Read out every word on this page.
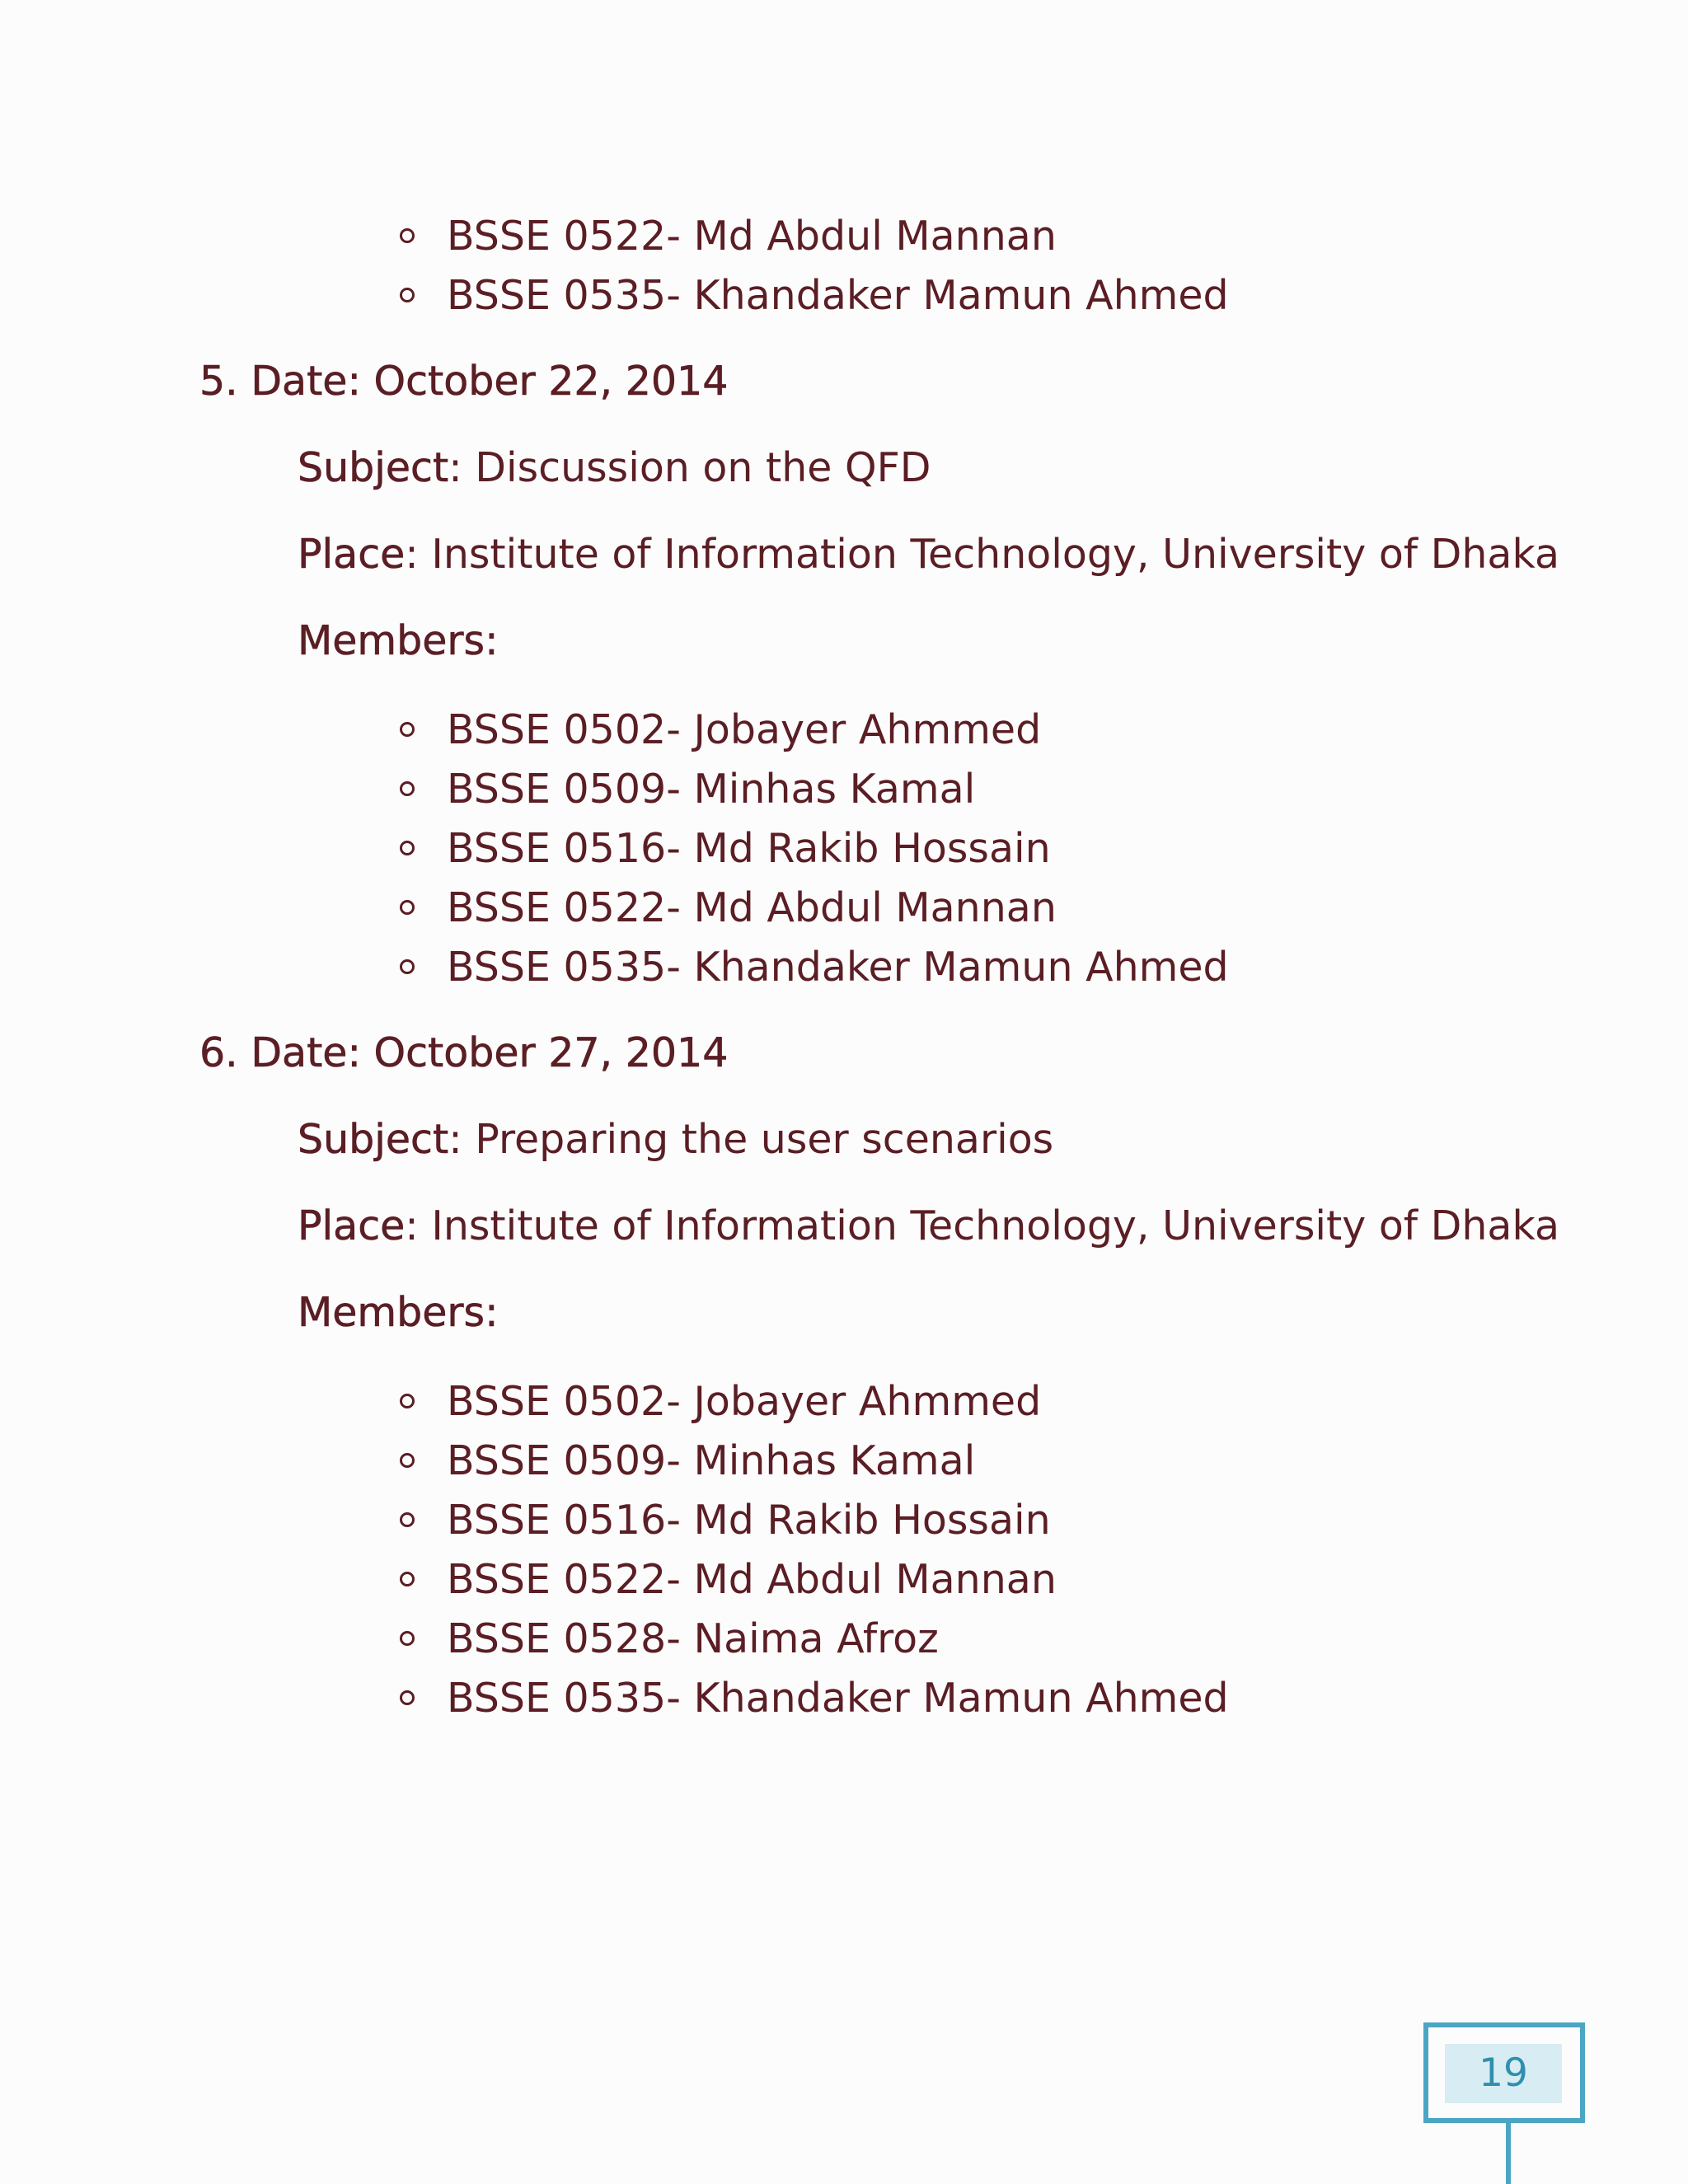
BSSE 0522- Md Abdul Mannan
BSSE 0535- Khandaker Mamun Ahmed
5. Date: October 22, 2014
Subject: Discussion on the QFD
Place: Institute of Information Technology, University of Dhaka
Members:
BSSE 0502- Jobayer Ahmmed
BSSE 0509- Minhas Kamal
BSSE 0516- Md Rakib Hossain
BSSE 0522- Md Abdul Mannan
BSSE 0535- Khandaker Mamun Ahmed
6. Date: October 27, 2014
Subject: Preparing the user scenarios
Place: Institute of Information Technology, University of Dhaka
Members:
BSSE 0502- Jobayer Ahmmed
BSSE 0509- Minhas Kamal
BSSE 0516- Md Rakib Hossain
BSSE 0522- Md Abdul Mannan
BSSE 0528- Naima Afroz
BSSE 0535- Khandaker Mamun Ahmed
19
